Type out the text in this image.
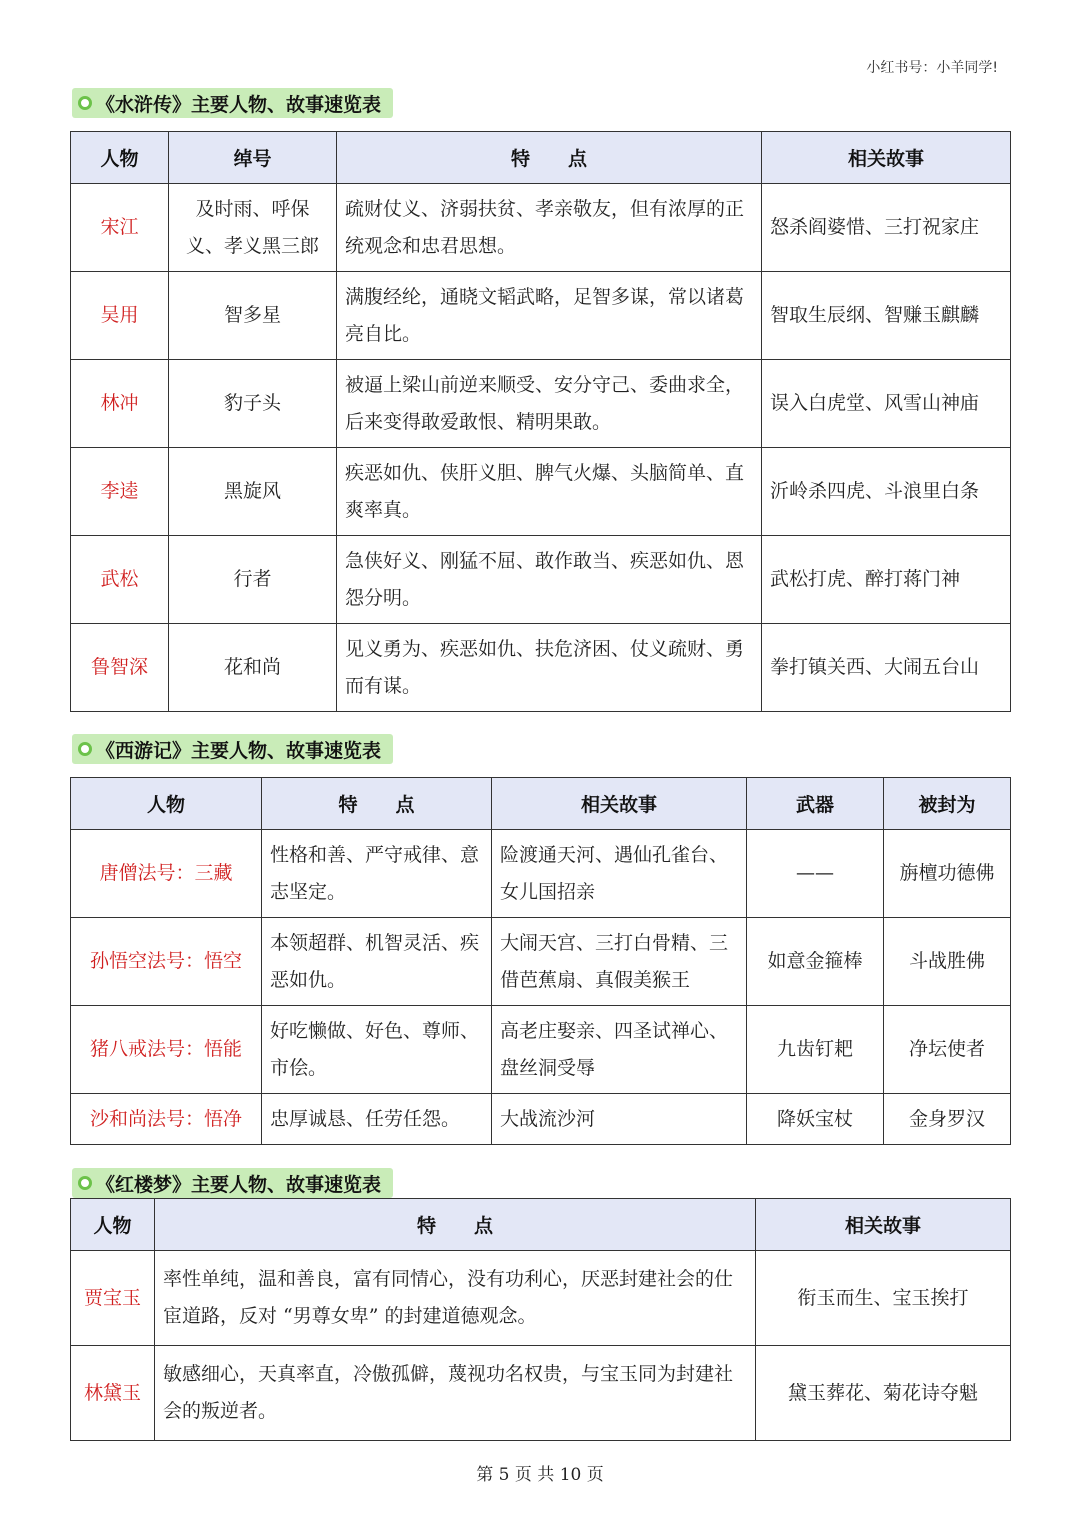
小红书号：小羊同学!
《水浒传》主要人物、故事速览表
人物	绰号	特　　点	相关故事
宋江	及时雨、呼保义、孝义黑三郎	疏财仗义、济弱扶贫、孝亲敬友，但有浓厚的正统观念和忠君思想。	怒杀阎婆惜、三打祝家庄
吴用	智多星	满腹经纶，通晓文韬武略，足智多谋，常以诸葛亮自比。	智取生辰纲、智赚玉麒麟
林冲	豹子头	被逼上梁山前逆来顺受、安分守己、委曲求全，后来变得敢爱敢恨、精明果敢。	误入白虎堂、风雪山神庙
李逵	黑旋风	疾恶如仇、侠肝义胆、脾气火爆、头脑简单、直爽率真。	沂岭杀四虎、斗浪里白条
武松	行者	急侠好义、刚猛不屈、敢作敢当、疾恶如仇、恩怨分明。	武松打虎、醉打蒋门神
鲁智深	花和尚	见义勇为、疾恶如仇、扶危济困、仗义疏财、勇而有谋。	拳打镇关西、大闹五台山
《西游记》主要人物、故事速览表
人物	特　　点	相关故事	武器	被封为
唐僧法号：三藏	性格和善、严守戒律、意志坚定。	险渡通天河、遇仙孔雀台、女儿国招亲	——	旃檀功德佛
孙悟空法号：悟空	本领超群、机智灵活、疾恶如仇。	大闹天宫、三打白骨精、三借芭蕉扇、真假美猴王	如意金箍棒	斗战胜佛
猪八戒法号：悟能	好吃懒做、好色、尊师、市侩。	高老庄娶亲、四圣试禅心、盘丝洞受辱	九齿钉耙	净坛使者
沙和尚法号：悟净	忠厚诚恳、任劳任怨。	大战流沙河	降妖宝杖	金身罗汉
《红楼梦》主要人物、故事速览表
人物	特　　点	相关故事
贾宝玉	率性单纯，温和善良，富有同情心，没有功利心，厌恶封建社会的仕宦道路，反对 “男尊女卑” 的封建道德观念。	衔玉而生、宝玉挨打
林黛玉	敏感细心，天真率直，冷傲孤僻，蔑视功名权贵，与宝玉同为封建社会的叛逆者。	黛玉葬花、菊花诗夺魁
第 5 页 共 10 页
